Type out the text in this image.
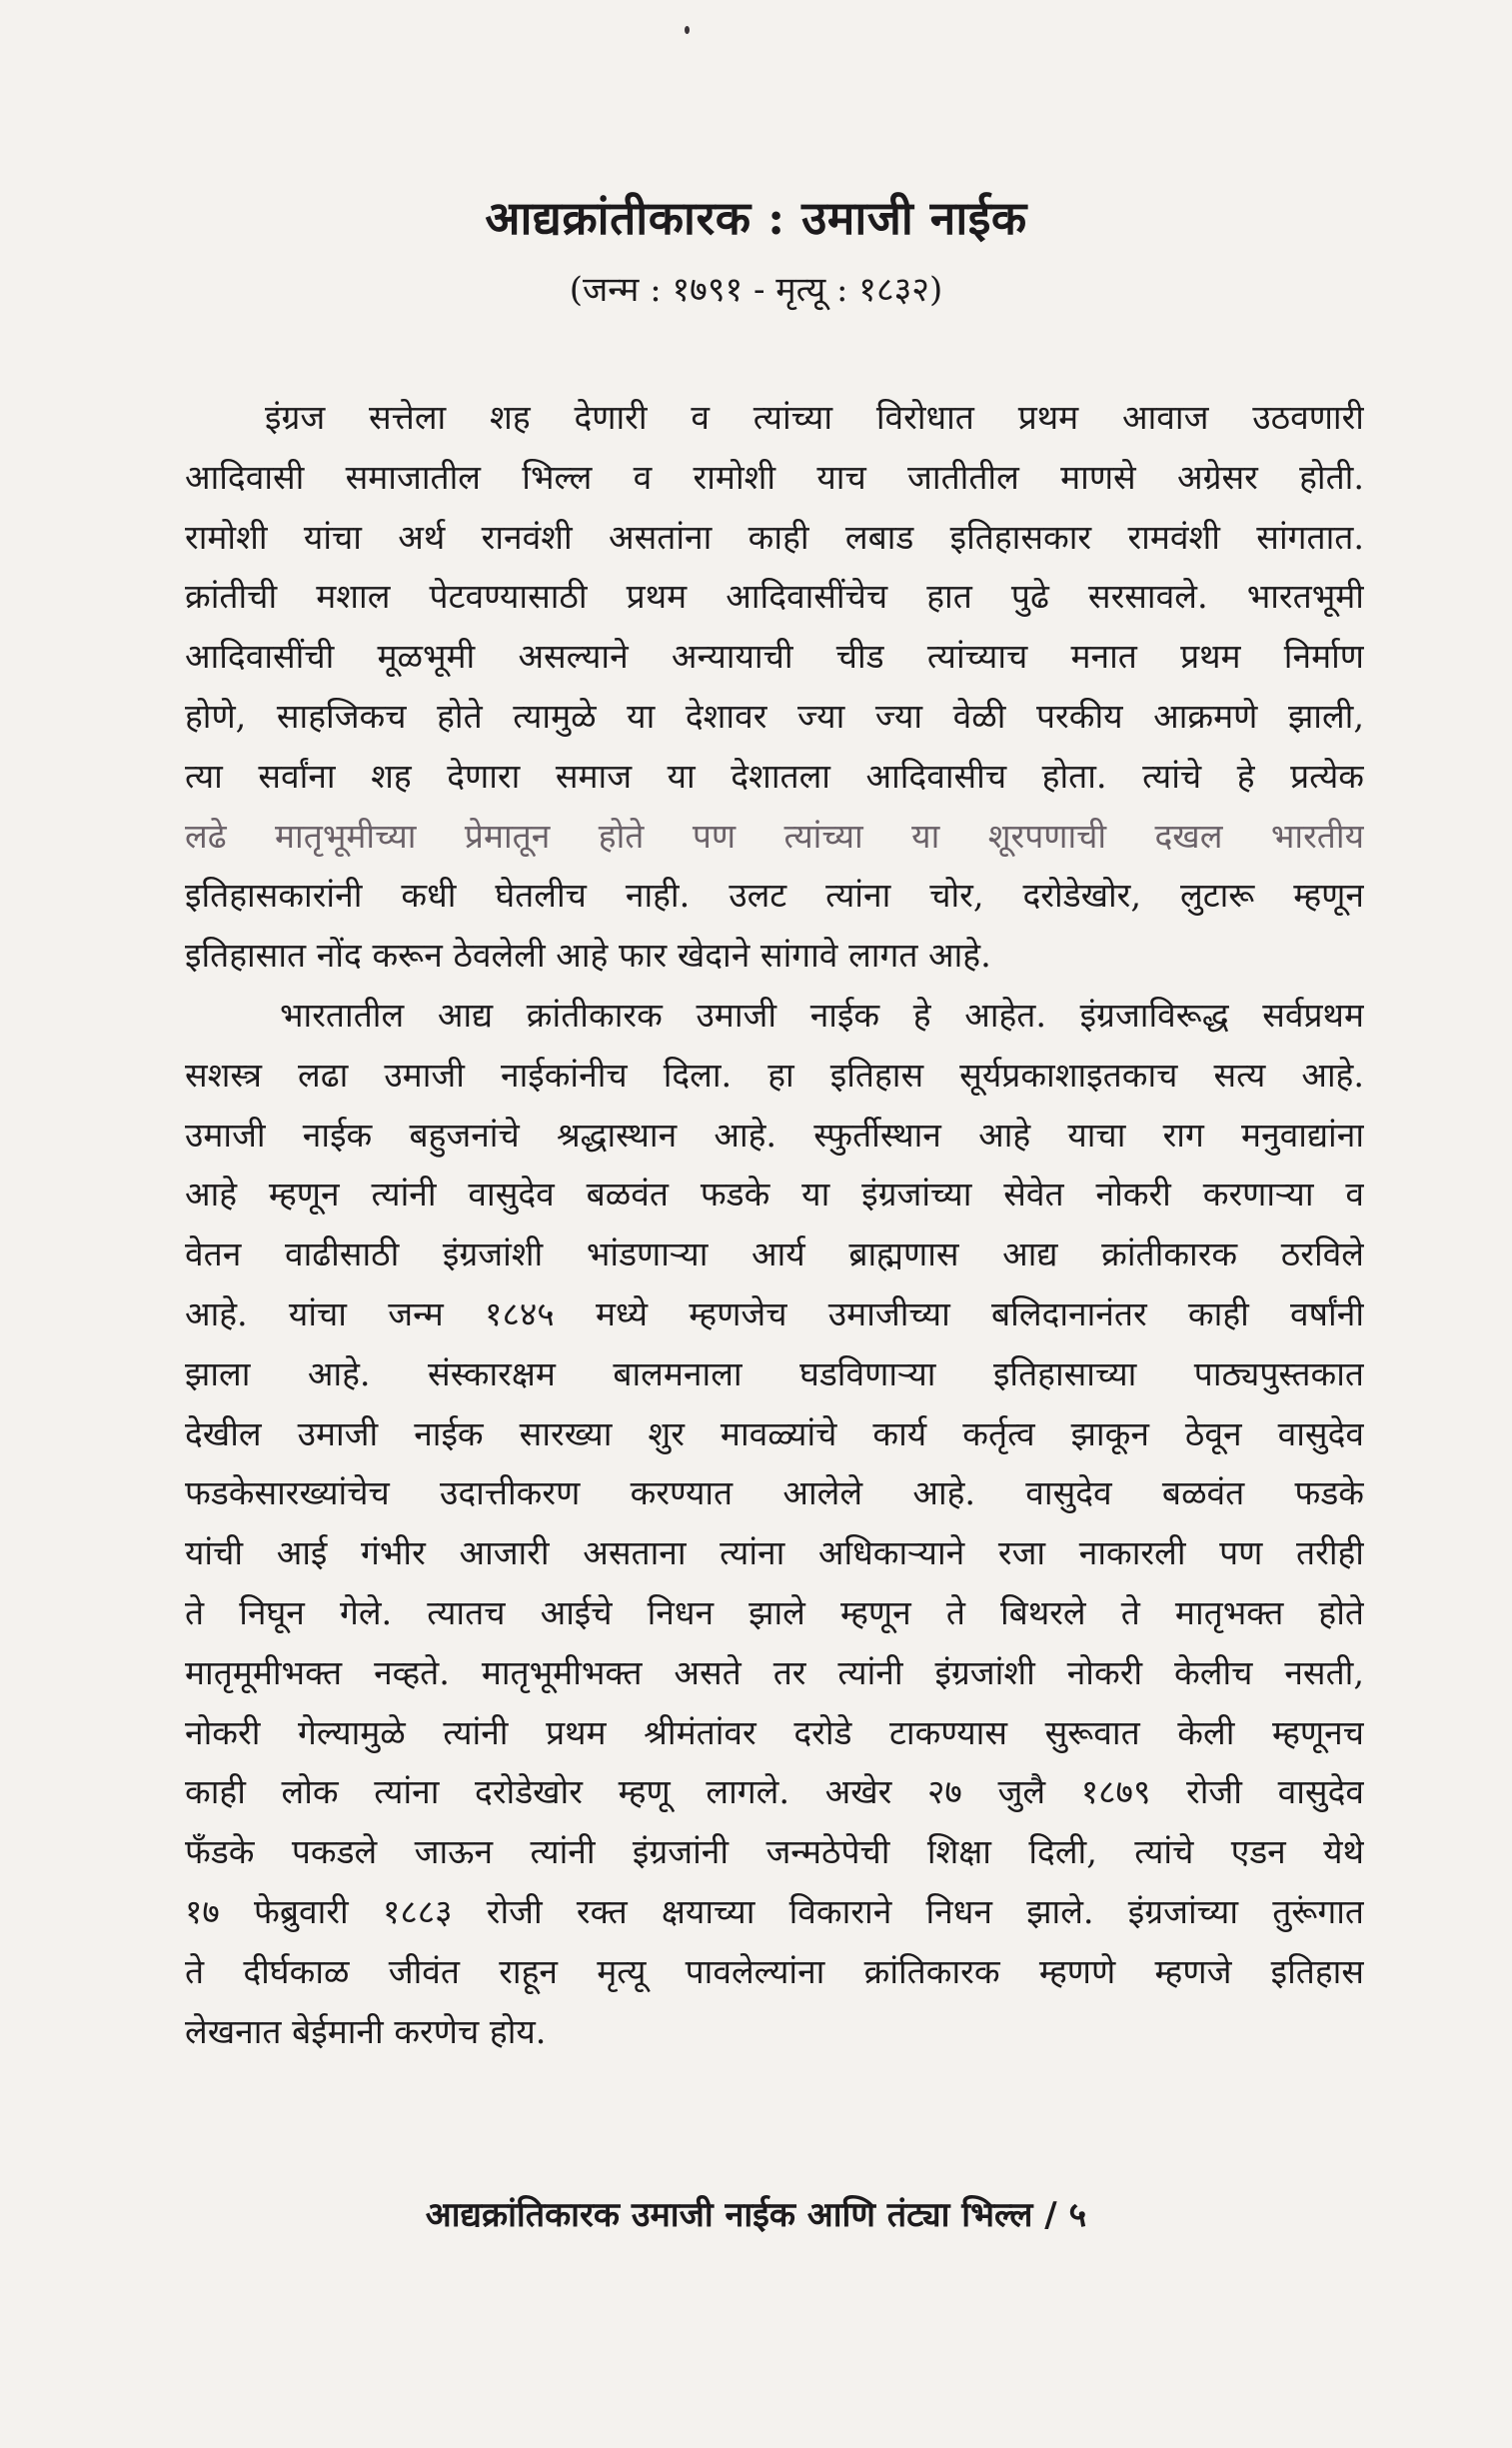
आद्यक्रांतीकारक : उमाजी नाईक
(जन्म : १७९१ - मृत्यू : १८३२)
इंग्रज सत्तेला शह देणारी व त्यांच्या विरोधात प्रथम आवाज उठवणारी
आदिवासी समाजातील भिल्ल व रामोशी याच जातीतील माणसे अग्रेसर होती.
रामोशी यांचा अर्थ रानवंशी असतांना काही लबाड इतिहासकार रामवंशी सांगतात.
क्रांतीची मशाल पेटवण्यासाठी प्रथम आदिवासींचेच हात पुढे सरसावले. भारतभूमी
आदिवासींची मूळभूमी असल्याने अन्यायाची चीड त्यांच्याच मनात प्रथम निर्माण
होणे, साहजिकच होते त्यामुळे या देशावर ज्या ज्या वेळी परकीय आक्रमणे झाली,
त्या सर्वांना शह देणारा समाज या देशातला आदिवासीच होता. त्यांचे हे प्रत्येक
लढे मातृभूमीच्या प्रेमातून होते पण त्यांच्या या शूरपणाची दखल भारतीय
इतिहासकारांनी कधी घेतलीच नाही. उलट त्यांना चोर, दरोडेखोर, लुटारू म्हणून
इतिहासात नोंद करून ठेवलेली आहे फार खेदाने सांगावे लागत आहे.
भारतातील आद्य क्रांतीकारक उमाजी नाईक हे आहेत. इंग्रजाविरूद्ध सर्वप्रथम
सशस्त्र लढा उमाजी नाईकांनीच दिला. हा इतिहास सूर्यप्रकाशाइतकाच सत्य आहे.
उमाजी नाईक बहुजनांचे श्रद्धास्थान आहे. स्फुर्तीस्थान आहे याचा राग मनुवाद्यांना
आहे म्हणून त्यांनी वासुदेव बळवंत फडके या इंग्रजांच्या सेवेत नोकरी करणाऱ्या व
वेतन वाढीसाठी इंग्रजांशी भांडणाऱ्या आर्य ब्राह्मणास आद्य क्रांतीकारक ठरविले
आहे. यांचा जन्म १८४५ मध्ये म्हणजेच उमाजीच्या बलिदानानंतर काही वर्षांनी
झाला आहे. संस्कारक्षम बालमनाला घडविणाऱ्या इतिहासाच्या पाठ्यपुस्तकात
देखील उमाजी नाईक सारख्या शुर मावळ्यांचे कार्य कर्तृत्व झाकून ठेवून वासुदेव
फडकेसारख्यांचेच उदात्तीकरण करण्यात आलेले आहे. वासुदेव बळवंत फडके
यांची आई गंभीर आजारी असताना त्यांना अधिकाऱ्याने रजा नाकारली पण तरीही
ते निघून गेले. त्यातच आईचे निधन झाले म्हणून ते बिथरले ते मातृभक्त होते
मातृमूमीभक्त नव्हते. मातृभूमीभक्त असते तर त्यांनी इंग्रजांशी नोकरी केलीच नसती,
नोकरी गेल्यामुळे त्यांनी प्रथम श्रीमंतांवर दरोडे टाकण्यास सुरूवात केली म्हणूनच
काही लोक त्यांना दरोडेखोर म्हणू लागले. अखेर २७ जुलै १८७९ रोजी वासुदेव
फँडके पकडले जाऊन त्यांनी इंग्रजांनी जन्मठेपेची शिक्षा दिली, त्यांचे एडन येथे
१७ फेब्रुवारी १८८३ रोजी रक्त क्षयाच्या विकाराने निधन झाले. इंग्रजांच्या तुरूंगात
ते दीर्घकाळ जीवंत राहून मृत्यू पावलेल्यांना क्रांतिकारक म्हणणे म्हणजे इतिहास
लेखनात बेईमानी करणेच होय.
आद्यक्रांतिकारक उमाजी नाईक आणि तंट्या भिल्ल / ५
